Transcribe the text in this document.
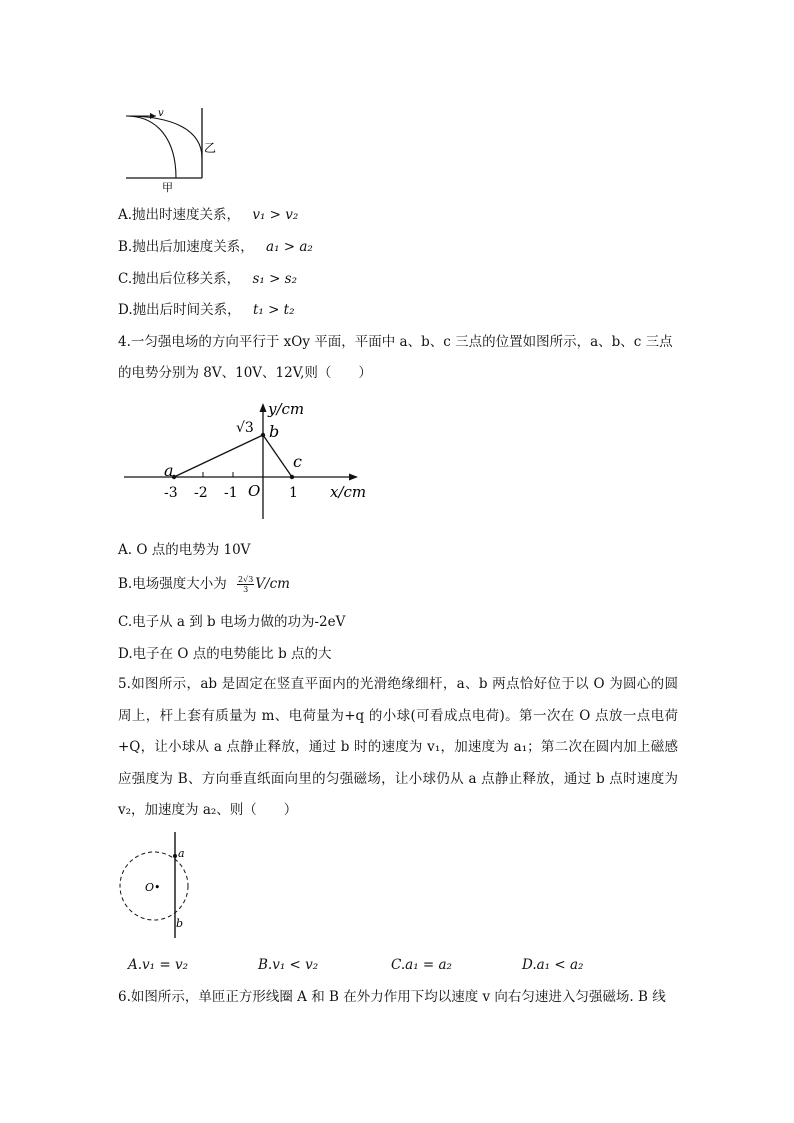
v
乙
甲
A.抛出时速度关系， v₁ > v₂
B.抛出后加速度关系， a₁ > a₂
C.抛出后位移关系， s₁ > s₂
D.抛出后时间关系， t₁ > t₂
4.一匀强电场的方向平行于 xOy 平面，平面中 a、b、c 三点的位置如图所示，a、b、c 三点
的电势分别为 8V、10V、12V,则（　　）
y/cm
x/cm
√3 b
c
a
O
-3 -2 -1	1
A. O 点的电势为 10V
B.电场强度大小为 $\frac{2√3}{3} V/cm$
C.电子从 a 到 b 电场力做的功为-2eV
D.电子在 O 点的电势能比 b 点的大
5.如图所示，ab 是固定在竖直平面内的光滑绝缘细杆，a、b 两点恰好位于以 O 为圆心的圆周上，杆上套有质量为 m、电荷量为+q 的小球(可看成点电荷)。第一次在 O 点放一点电荷+Q，让小球从 a 点静止释放，通过 b 时的速度为 v₁，加速度为 a₁；第二次在圆内加上磁感应强度为 B、方向垂直纸面向里的匀强磁场，让小球仍从 a 点静止释放，通过 b 点时速度为 v₂，加速度为 a₂、则（　　）
a
b
O•
A.v₁ = v₂	B.v₁ < v₂	C.a₁ = a₂	D.a₁ < a₂
6.如图所示，单匝正方形线圈 A 和 B 在外力作用下均以速度 v 向右匀速进入匀强磁场. B 线
